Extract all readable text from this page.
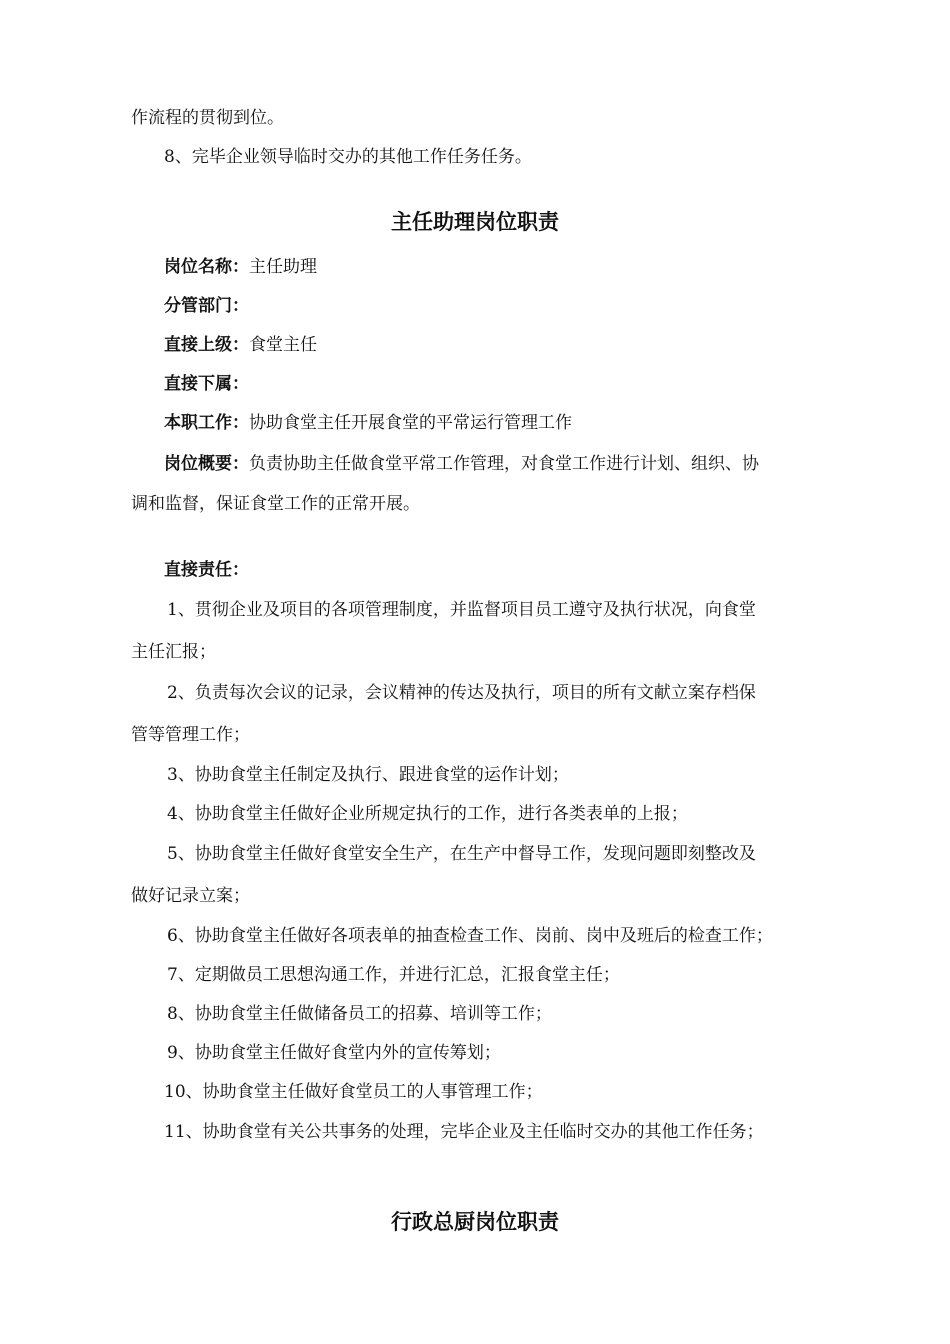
作流程的贯彻到位。
8、完毕企业领导临时交办的其他工作任务任务。
主任助理岗位职责
岗位名称：主任助理
分管部门：
直接上级：食堂主任
直接下属：
本职工作：协助食堂主任开展食堂的平常运行管理工作
岗位概要：负责协助主任做食堂平常工作管理，对食堂工作进行计划、组织、协
调和监督，保证食堂工作的正常开展。
直接责任：
1、贯彻企业及项目的各项管理制度，并监督项目员工遵守及执行状况，向食堂
主任汇报；
2、负责每次会议的记录，会议精神的传达及执行，项目的所有文献立案存档保
管等管理工作；
3、协助食堂主任制定及执行、跟进食堂的运作计划；
4、协助食堂主任做好企业所规定执行的工作，进行各类表单的上报；
5、协助食堂主任做好食堂安全生产，在生产中督导工作，发现问题即刻整改及
做好记录立案；
6、协助食堂主任做好各项表单的抽查检查工作、岗前、岗中及班后的检查工作；
7、定期做员工思想沟通工作，并进行汇总，汇报食堂主任；
8、协助食堂主任做储备员工的招募、培训等工作；
9、协助食堂主任做好食堂内外的宣传筹划；
10、协助食堂主任做好食堂员工的人事管理工作；
11、协助食堂有关公共事务的处理，完毕企业及主任临时交办的其他工作任务；
行政总厨岗位职责
